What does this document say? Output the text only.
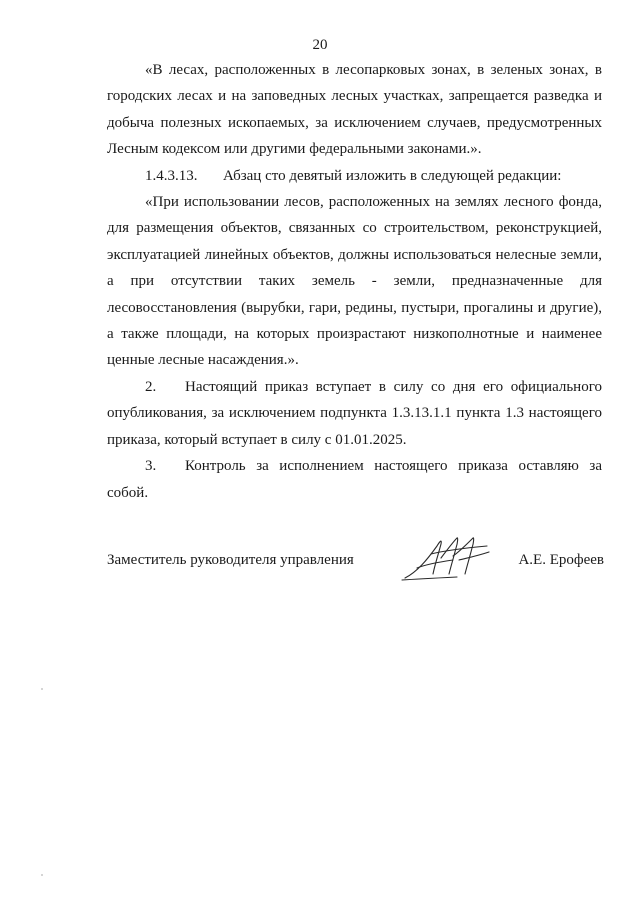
20

«В лесах, расположенных в лесопарковых зонах, в зеленых зонах, в городских лесах и на заповедных лесных участках, запрещается разведка и добыча полезных ископаемых, за исключением случаев, предусмотренных Лесным кодексом или другими федеральными законами.».

1.4.3.13. Абзац сто девятый изложить в следующей редакции:

«При использовании лесов, расположенных на землях лесного фонда, для размещения объектов, связанных со строительством, реконструкцией, эксплуатацией линейных объектов, должны использоваться нелесные земли, а при отсутствии таких земель - земли, предназначенные для лесовосстановления (вырубки, гари, редины, пустыри, прогалины и другие), а также площади, на которых произрастают низкополнотные и наименее ценные лесные насаждения.».

2. Настоящий приказ вступает в силу со дня его официального опубликования, за исключением подпункта 1.3.13.1.1 пункта 1.3 настоящего приказа, который вступает в силу с 01.01.2025.

3. Контроль за исполнением настоящего приказа оставляю за собой.

Заместитель руководителя управления	А.Е. Ерофеев
